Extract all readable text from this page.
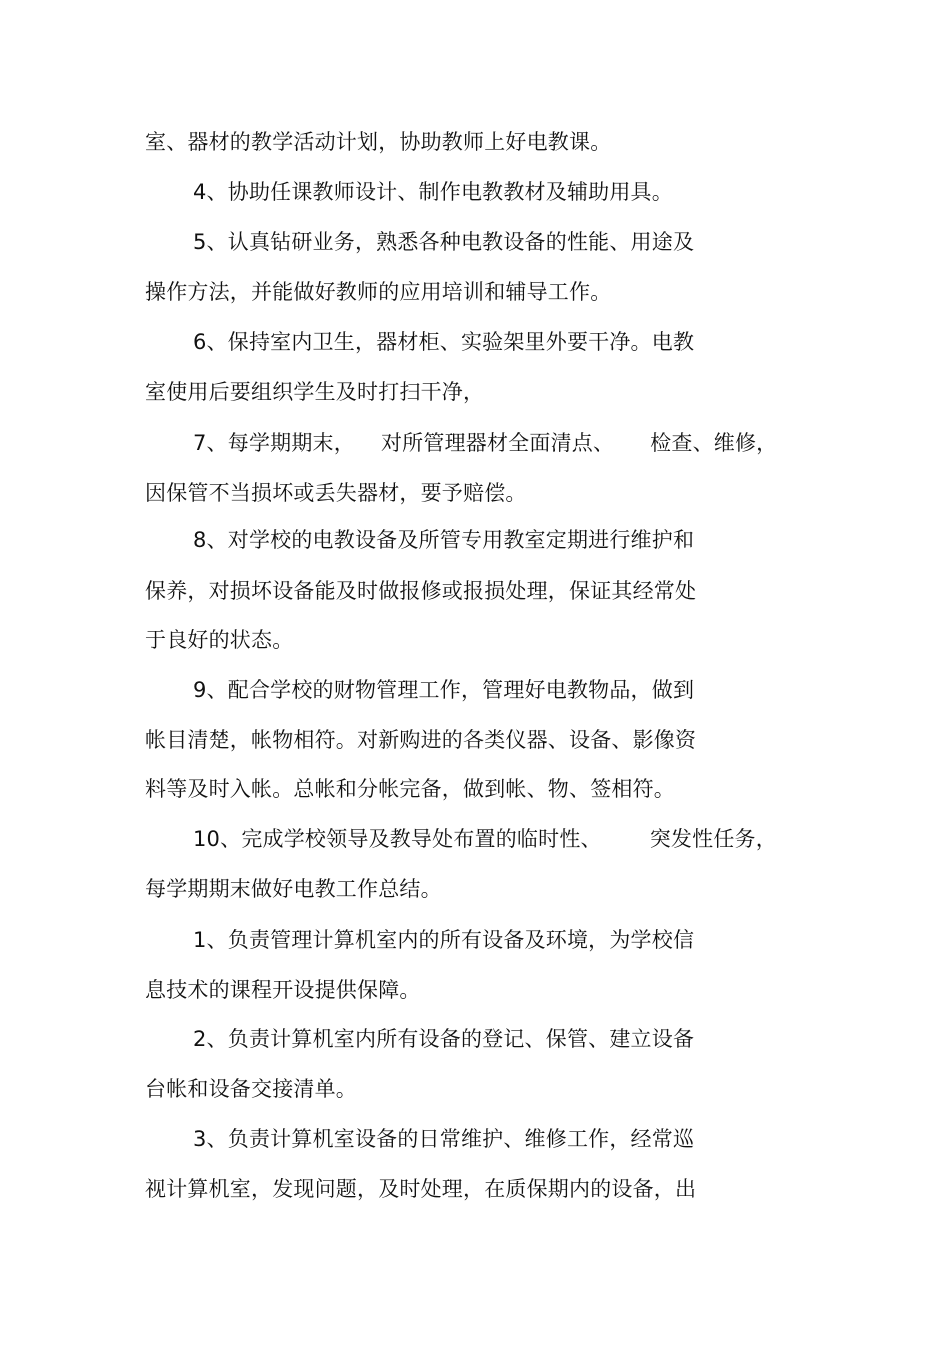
室、器材的教学活动计划，协助教师上好电教课。
4、协助任课教师设计、制作电教教材及辅助用具。
5、认真钻研业务，熟悉各种电教设备的性能、用途及
操作方法，并能做好教师的应用培训和辅导工作。
6、保持室内卫生，器材柜、实验架里外要干净。电教
室使用后要组织学生及时打扫干净，
7、每学期期末， 对所管理器材全面清点、 检查、维修，
因保管不当损坏或丢失器材，要予赔偿。
8、对学校的电教设备及所管专用教室定期进行维护和
保养，对损坏设备能及时做报修或报损处理，保证其经常处
于良好的状态。
9、配合学校的财物管理工作，管理好电教物品，做到
帐目清楚，帐物相符。对新购进的各类仪器、设备、影像资
料等及时入帐。总帐和分帐完备，做到帐、物、签相符。
10、完成学校领导及教导处布置的临时性、 突发性任务，
每学期期末做好电教工作总结。
1、负责管理计算机室内的所有设备及环境，为学校信
息技术的课程开设提供保障。
2、负责计算机室内所有设备的登记、保管、建立设备
台帐和设备交接清单。
3、负责计算机室设备的日常维护、维修工作，经常巡
视计算机室，发现问题，及时处理，在质保期内的设备，出
